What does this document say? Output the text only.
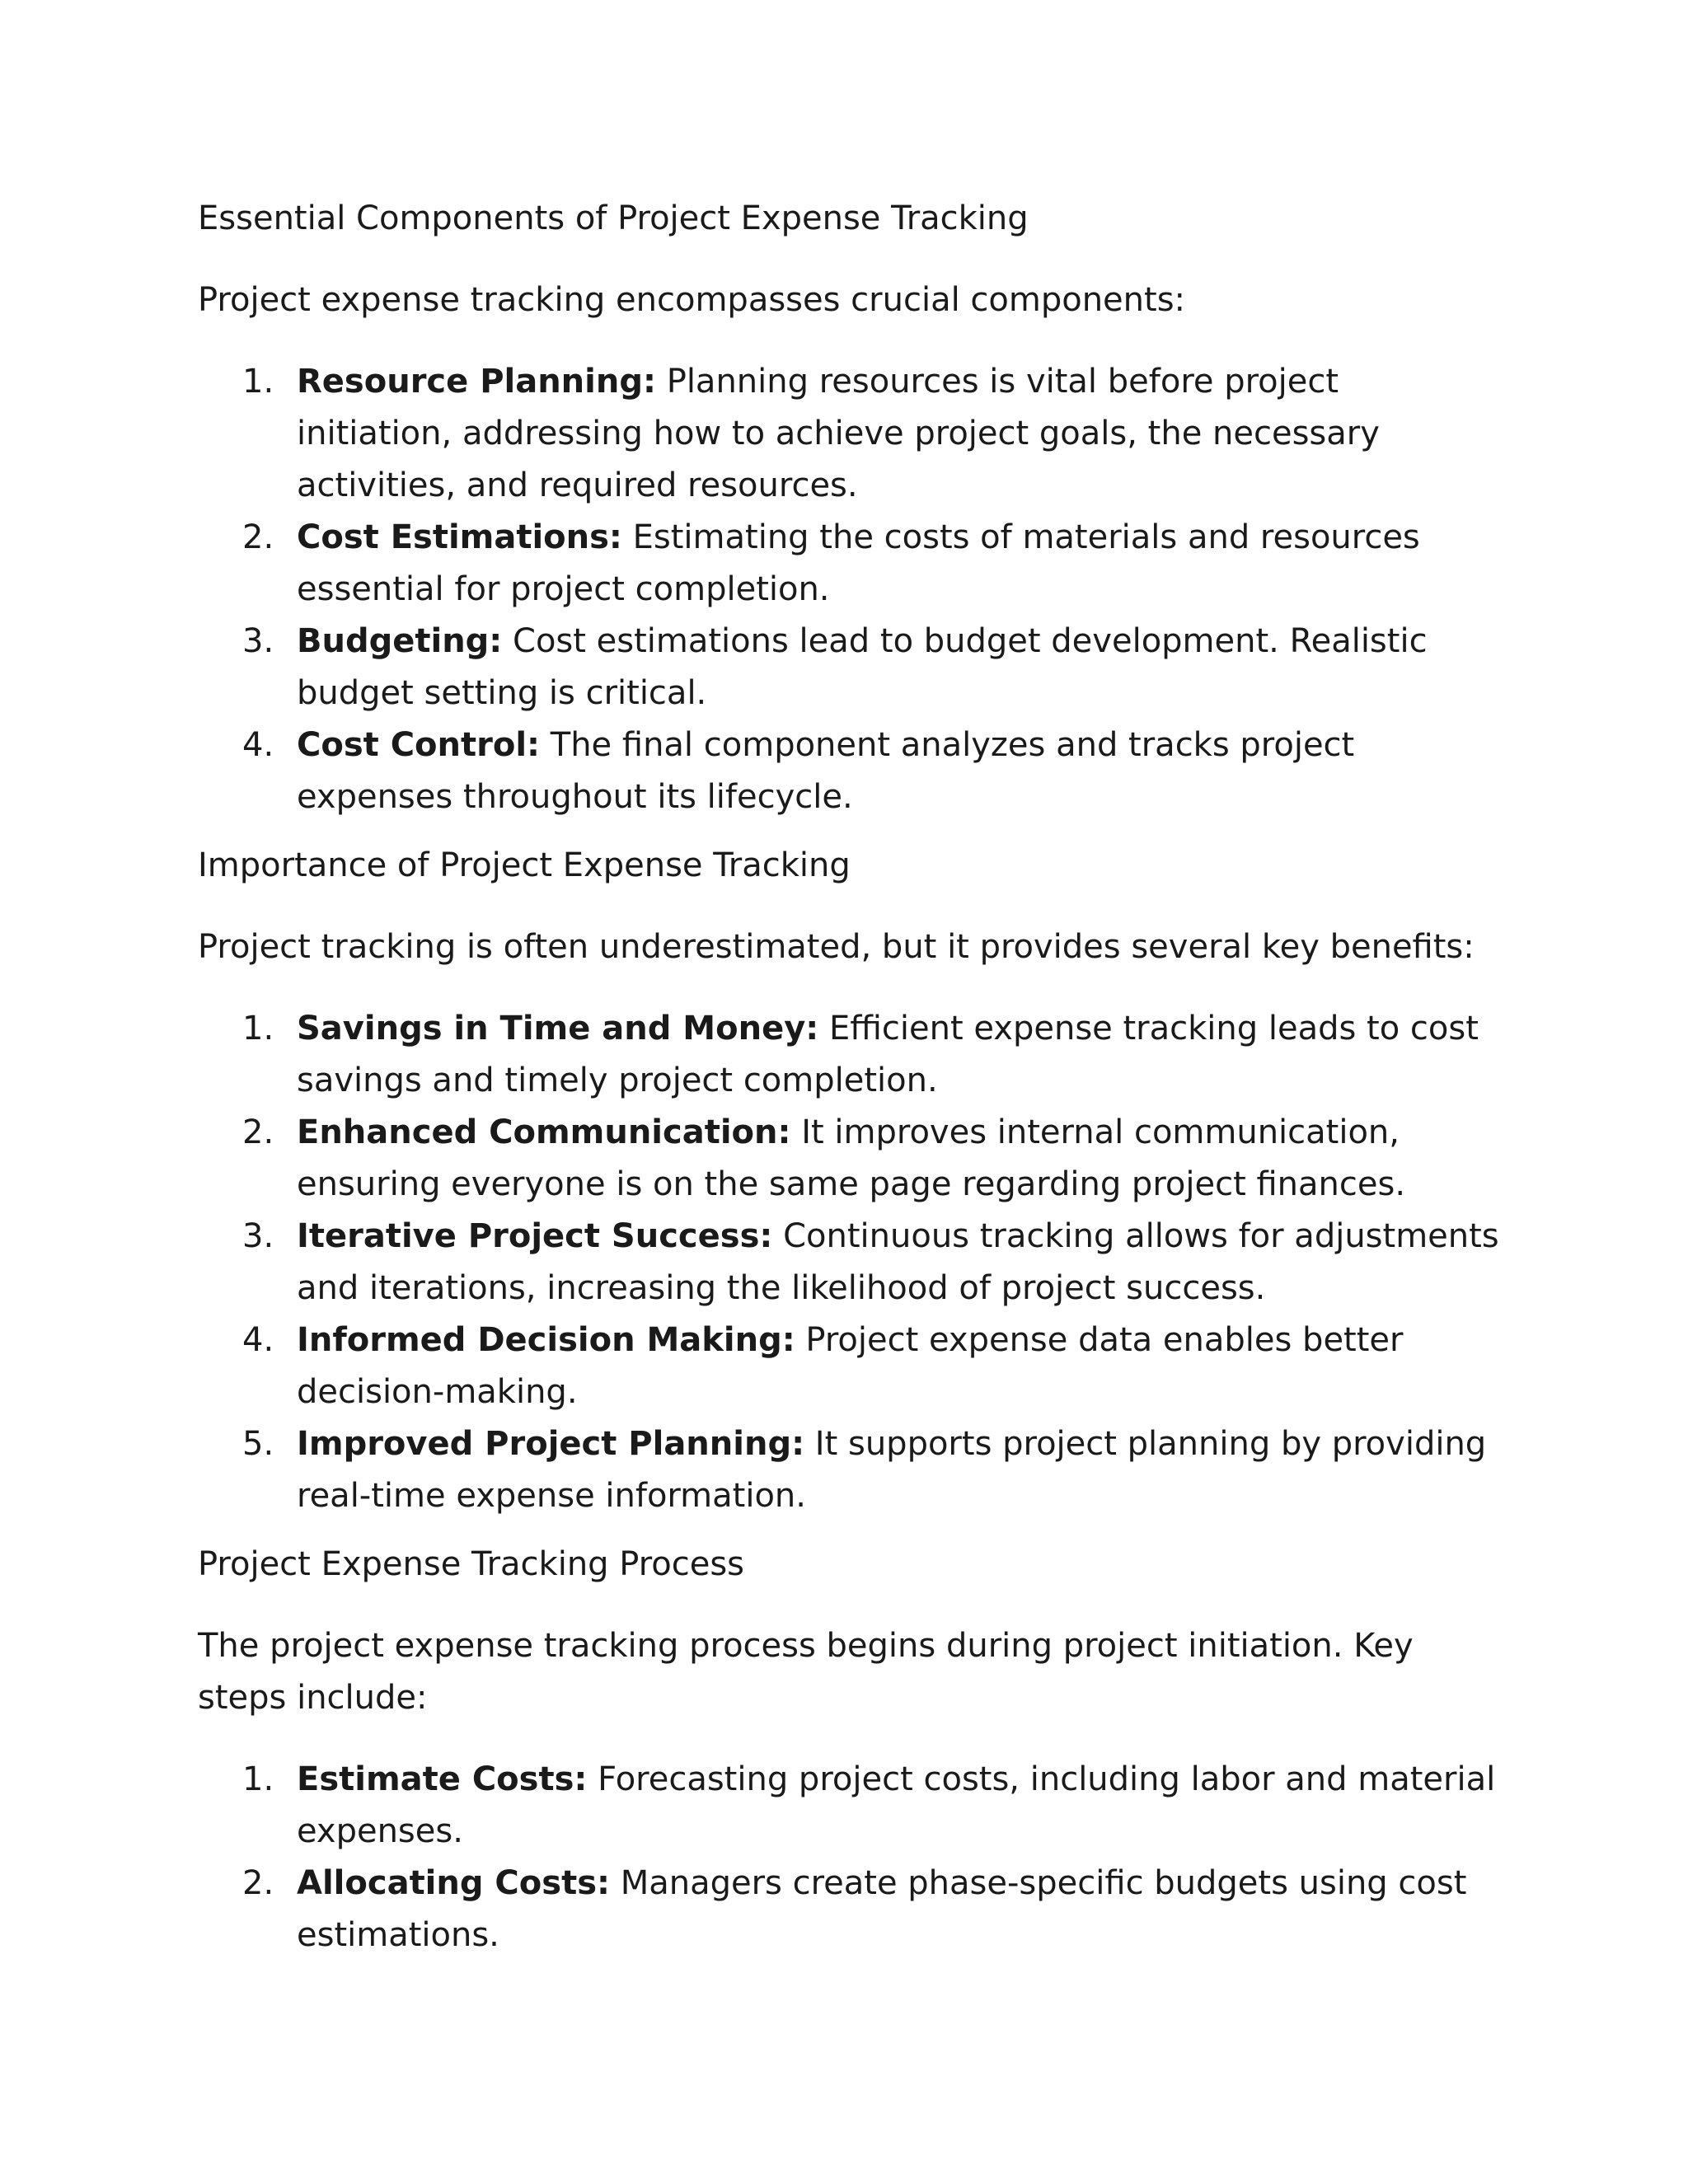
Essential Components of Project Expense Tracking

Project expense tracking encompasses crucial components:

1. Resource Planning: Planning resources is vital before project initiation, addressing how to achieve project goals, the necessary activities, and required resources.
2. Cost Estimations: Estimating the costs of materials and resources essential for project completion.
3. Budgeting: Cost estimations lead to budget development. Realistic budget setting is critical.
4. Cost Control: The final component analyzes and tracks project expenses throughout its lifecycle.
Importance of Project Expense Tracking

Project tracking is often underestimated, but it provides several key benefits:

1. Savings in Time and Money: Efficient expense tracking leads to cost savings and timely project completion.
2. Enhanced Communication: It improves internal communication, ensuring everyone is on the same page regarding project finances.
3. Iterative Project Success: Continuous tracking allows for adjustments and iterations, increasing the likelihood of project success.
4. Informed Decision Making: Project expense data enables better decision-making.
5. Improved Project Planning: It supports project planning by providing real-time expense information.
Project Expense Tracking Process

The project expense tracking process begins during project initiation. Key steps include:

1. Estimate Costs: Forecasting project costs, including labor and material expenses.
2. Allocating Costs: Managers create phase-specific budgets using cost estimations.
